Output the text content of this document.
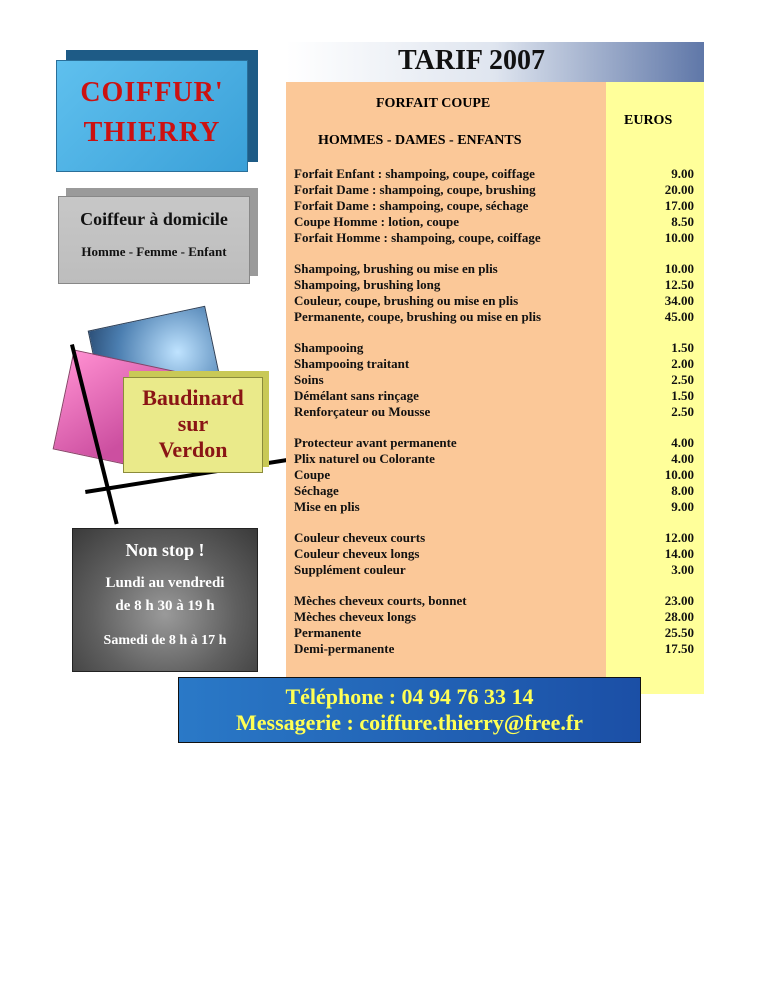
COIFFUR'
THIERRY
Coiffeur à domicile
Homme - Femme - Enfant
Baudinard
sur
Verdon
Non stop !
Lundi au vendredi
de 8 h 30 à 19 h
Samedi de 8 h à 17 h
TARIF 2007
FORFAIT COUPE
HOMMES - DAMES - ENFANTS
EUROS
Forfait Enfant : shampoing, coupe, coiffage	9.00
Forfait Dame : shampoing, coupe, brushing	20.00
Forfait Dame : shampoing, coupe, séchage	17.00
Coupe Homme : lotion, coupe	8.50
Forfait Homme : shampoing, coupe, coiffage	10.00
Shampoing, brushing ou mise en plis	10.00
Shampoing, brushing long	12.50
Couleur, coupe, brushing ou mise en plis	34.00
Permanente, coupe, brushing ou mise en plis	45.00
Shampooing	1.50
Shampooing traitant	2.00
Soins	2.50
Démélant sans rinçage	1.50
Renforçateur ou Mousse	2.50
Protecteur avant permanente	4.00
Plix naturel ou Colorante	4.00
Coupe	10.00
Séchage	8.00
Mise en plis	9.00
Couleur cheveux courts	12.00
Couleur cheveux longs	14.00
Supplément couleur	3.00
Mèches cheveux courts, bonnet	23.00
Mèches cheveux longs	28.00
Permanente	25.50
Demi-permanente	17.50
Téléphone : 04 94 76 33 14
Messagerie : coiffure.thierry@free.fr
